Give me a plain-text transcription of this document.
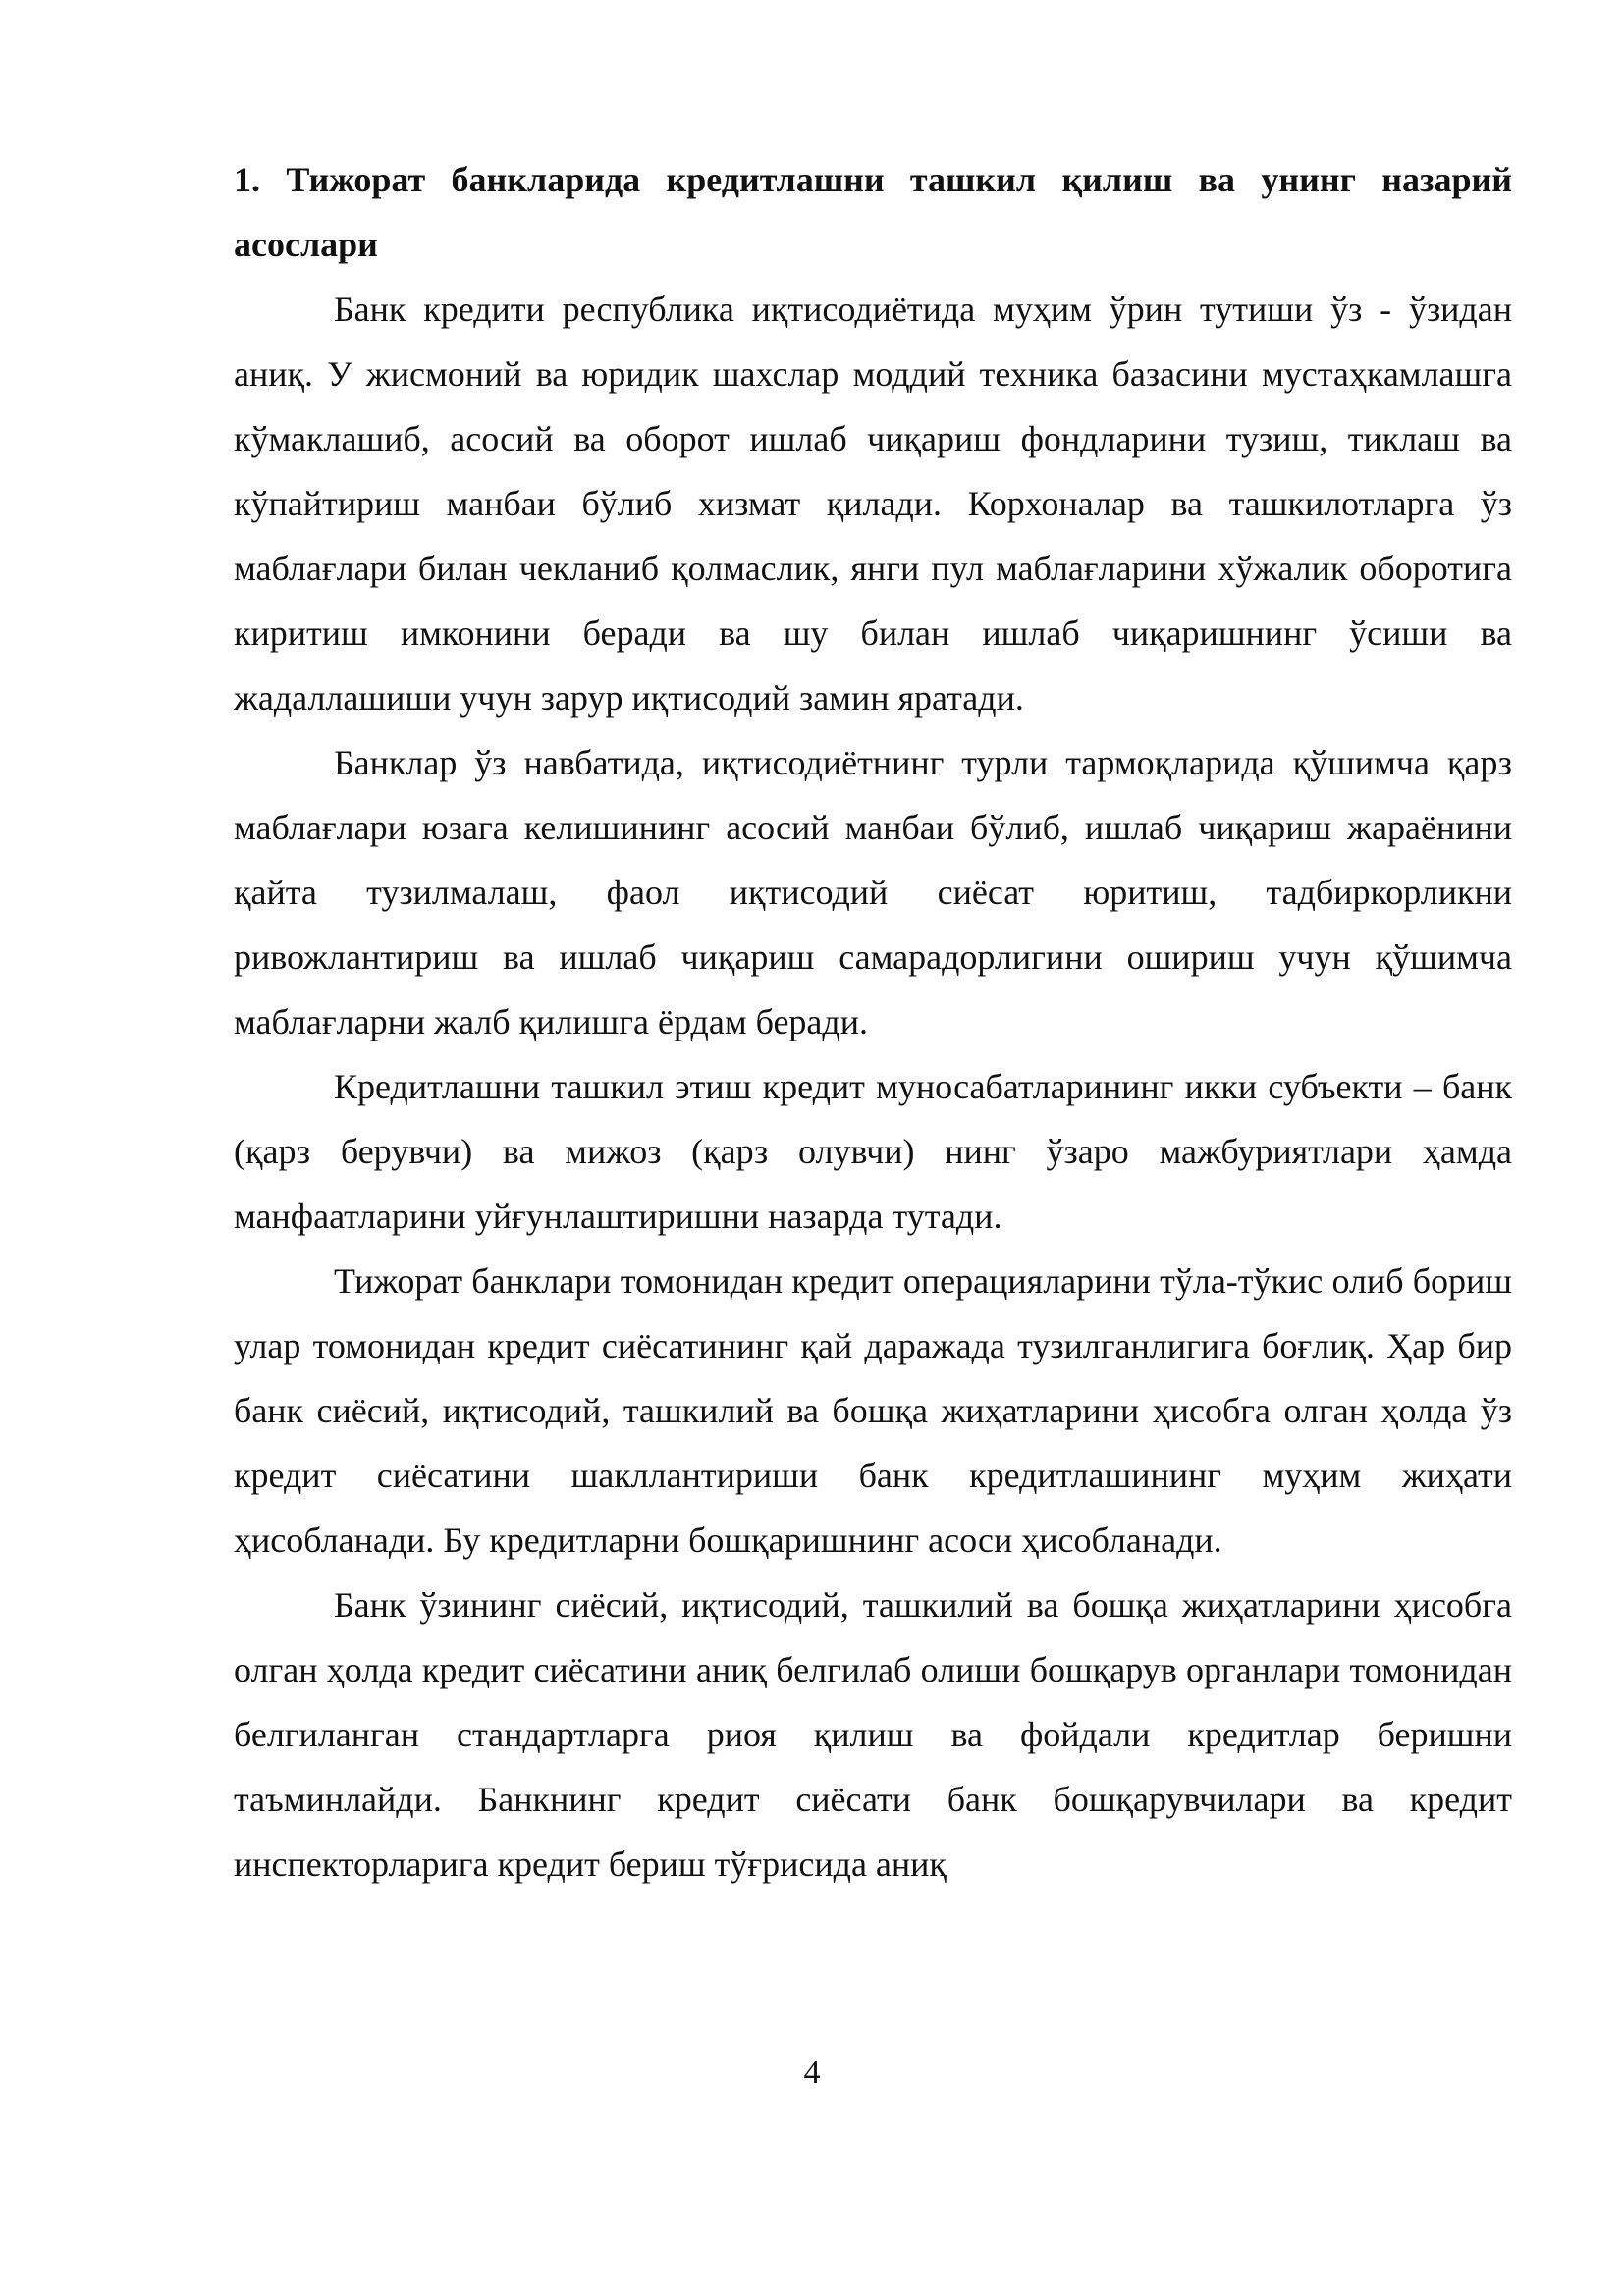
1. Тижорат банкларида кредитлашни ташкил қилиш ва унинг назарий асослари

Банк кредити республика иқтисодиётида муҳим ўрин тутиши ўз - ўзидан аниқ. У жисмоний ва юридик шахслар моддий техника базасини мустаҳкамлашга кўмаклашиб, асосий ва оборот ишлаб чиқариш фондларини тузиш, тиклаш ва кўпайтириш манбаи бўлиб хизмат қилади. Корхоналар ва ташкилотларга ўз маблағлари билан чекланиб қолмаслик, янги пул маблағларини хўжалик оборотига киритиш имконини беради ва шу билан ишлаб чиқаришнинг ўсиши ва жадаллашиши учун зарур иқтисодий замин яратади.

Банклар ўз навбатида, иқтисодиётнинг турли тармоқларида қўшимча қарз маблағлари юзага келишининг асосий манбаи бўлиб, ишлаб чиқариш жараёнини қайта тузилмалаш, фаол иқтисодий сиёсат юритиш, тадбиркорликни ривожлантириш ва ишлаб чиқариш самарадорлигини ошириш учун қўшимча маблағларни жалб қилишга ёрдам беради.

Кредитлашни ташкил этиш кредит муносабатларининг икки субъекти – банк (қарз берувчи) ва мижоз (қарз олувчи) нинг ўзаро мажбуриятлари ҳамда манфаатларини уйғунлаштиришни назарда тутади.

Тижорат банклари томонидан кредит операцияларини тўла-тўкис олиб бориш улар томонидан кредит сиёсатининг қай даражада тузилганлигига боғлиқ. Ҳар бир банк сиёсий, иқтисодий, ташкилий ва бошқа жиҳатларини ҳисобга олган ҳолда ўз кредит сиёсатини шакллантириши банк кредитлашининг муҳим жиҳати ҳисобланади. Бу кредитларни бошқаришнинг асоси ҳисобланади.

Банк ўзининг сиёсий, иқтисодий, ташкилий ва бошқа жиҳатларини ҳисобга олган ҳолда кредит сиёсатини аниқ белгилаб олиши бошқарув органлари томонидан белгиланган стандартларга риоя қилиш ва фойдали кредитлар беришни таъминлайди. Банкнинг кредит сиёсати банк бошқарувчилари ва кредит инспекторларига кредит бериш тўғрисида аниқ

4
